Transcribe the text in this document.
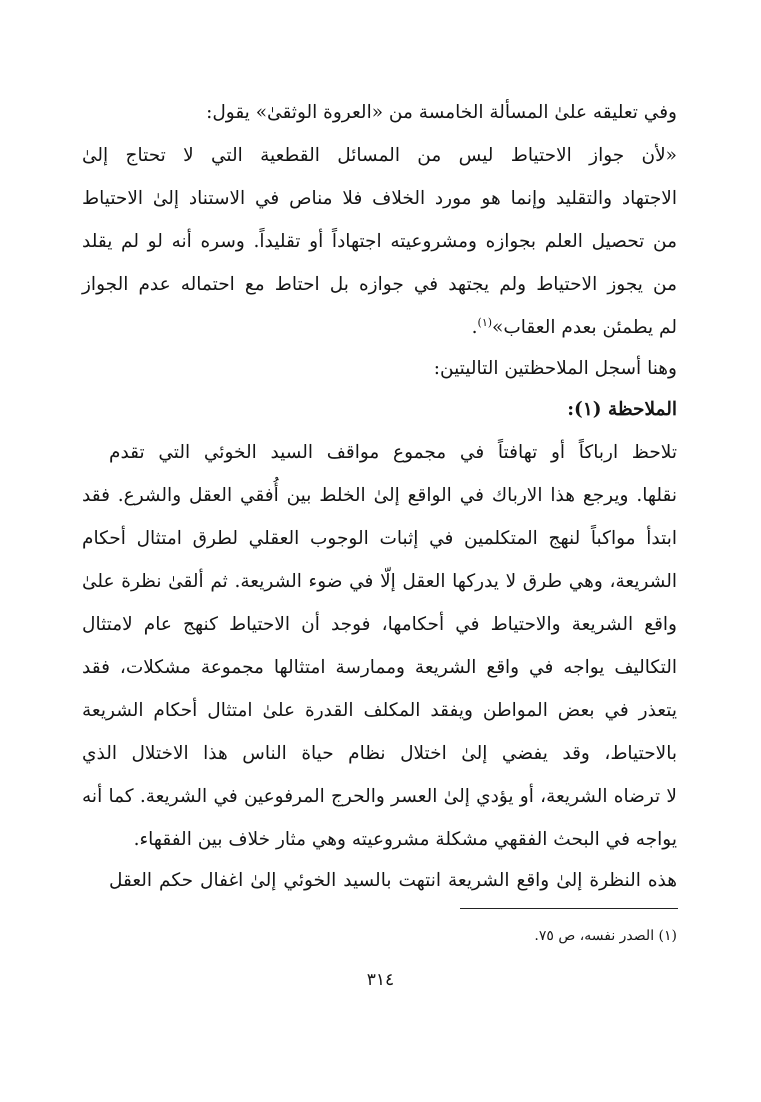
وفي تعليقه علىٰ المسألة الخامسة من «العروة الوثقىٰ» يقول:
«لأن جواز الاحتياط ليس من المسائل القطعية التي لا تحتاج إلىٰ
الاجتهاد والتقليد وإنما هو مورد الخلاف فلا مناص في الاستناد إلىٰ الاحتياط
من تحصيل العلم بجوازه ومشروعيته اجتهاداً أو تقليداً. وسره أنه لو لم يقلد
من يجوز الاحتياط ولم يجتهد في جوازه بل احتاط مع احتماله عدم الجواز
لم يطمئن بعدم العقاب»$^{(١)}$.
وهنا أسجل الملاحظتين التاليتين:
الملاحظة (١):
تلاحظ ارباكاً أو تهافتاً في مجموع مواقف السيد الخوئي التي تقدم
نقلها. ويرجع هذا الارباك في الواقع إلىٰ الخلط بين أُفقي العقل والشرع. فقد
ابتدأ مواكباً لنهج المتكلمين في إثبات الوجوب العقلي لطرق امتثال أحكام
الشريعة، وهي طرق لا يدركها العقل إلّا في ضوء الشريعة. ثم ألقىٰ نظرة علىٰ
واقع الشريعة والاحتياط في أحكامها، فوجد أن الاحتياط كنهج عام لامتثال
التكاليف يواجه في واقع الشريعة وممارسة امتثالها مجموعة مشكلات، فقد
يتعذر في بعض المواطن ويفقد المكلف القدرة علىٰ امتثال أحكام الشريعة
بالاحتياط، وقد يفضي إلىٰ اختلال نظام حياة الناس هذا الاختلال الذي
لا ترضاه الشريعة، أو يؤدي إلىٰ العسر والحرج المرفوعين في الشريعة. كما أنه
يواجه في البحث الفقهي مشكلة مشروعيته وهي مثار خلاف بين الفقهاء.
هذه النظرة إلىٰ واقع الشريعة انتهت بالسيد الخوئي إلىٰ اغفال حكم العقل
(١) الصدر نفسه، ص ٧٥.
٣١٤
